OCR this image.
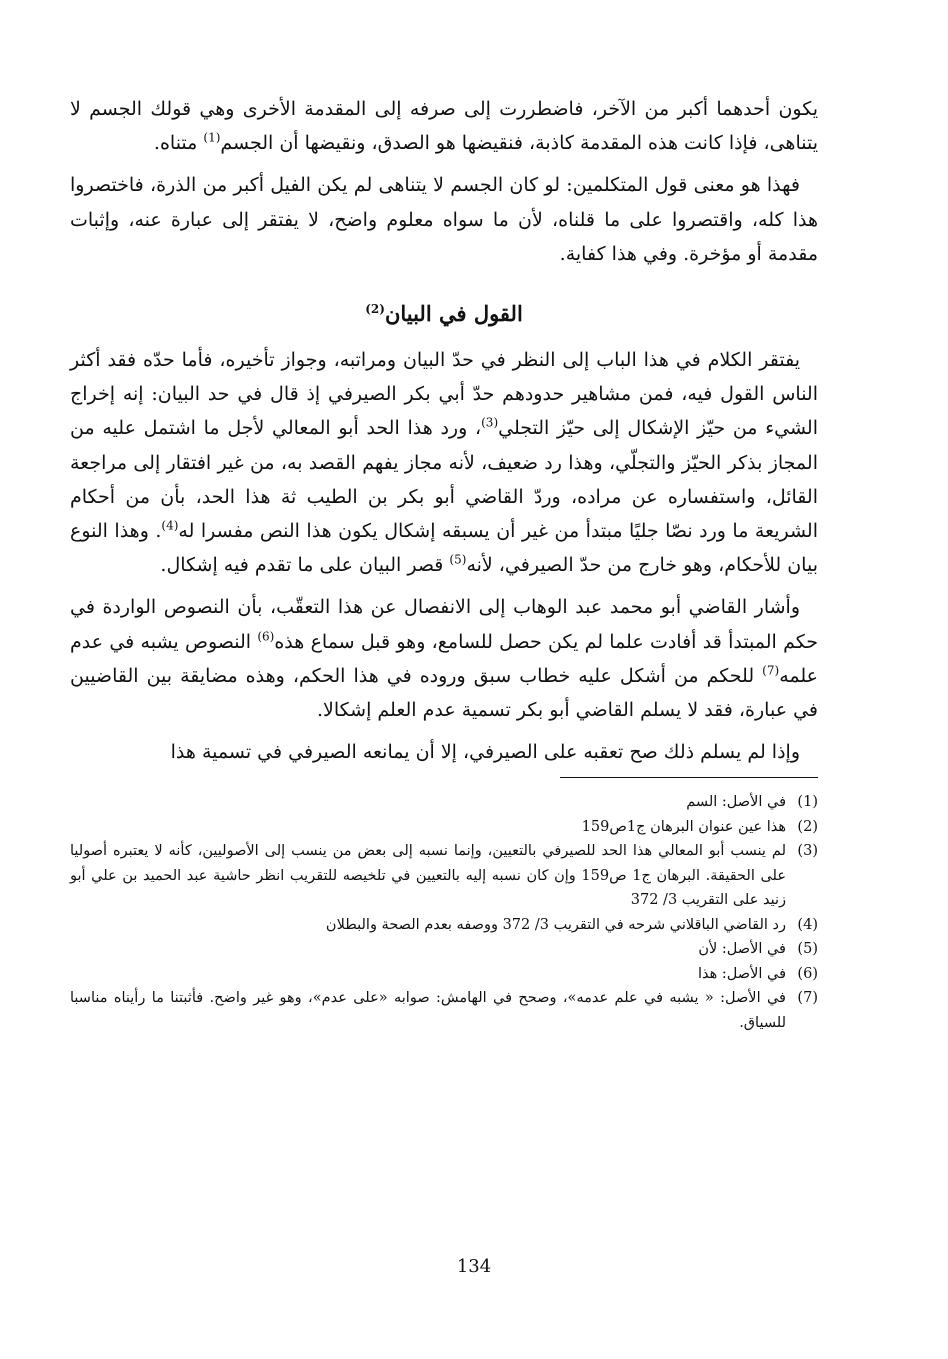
يكون أحدهما أكبر من الآخر، فاضطررت إلى صرفه إلى المقدمة الأخرى وهي قولك الجسم لا يتناهى، فإذا كانت هذه المقدمة كاذبة، فنقيضها هو الصدق، ونقيضها أن الجسم$^{(1)}$ متناه.

فهذا هو معنى قول المتكلمين: لو كان الجسم لا يتناهى لم يكن الفيل أكبر من الذرة، فاختصروا هذا كله، واقتصروا على ما قلناه، لأن ما سواه معلوم واضح، لا يفتقر إلى عبارة عنه، وإثبات مقدمة أو مؤخرة. وفي هذا كفاية.

القول في البيان$^{(2)}$

يفتقر الكلام في هذا الباب إلى النظر في حدّ البيان ومراتبه، وجواز تأخيره، فأما حدّه فقد أكثر الناس القول فيه، فمن مشاهير حدودهم حدّ أبي بكر الصيرفي إذ قال في حد البيان: إنه إخراج الشيء من حيّز الإشكال إلى حيّز التجلي$^{(3)}$، ورد هذا الحد أبو المعالي لأجل ما اشتمل عليه من المجاز بذكر الحيّز والتجلّي، وهذا رد ضعيف، لأنه مجاز يفهم القصد به، من غير افتقار إلى مراجعة القائل، واستفساره عن مراده، وردّ القاضي أبو بكر بن الطيب ثة هذا الحد، بأن من أحكام الشريعة ما ورد نصّا جليًا مبتدأ من غير أن يسبقه إشكال يكون هذا النص مفسرا له$^{(4)}$. وهذا النوع بيان للأحكام، وهو خارج من حدّ الصيرفي، لأنه$^{(5)}$ قصر البيان على ما تقدم فيه إشكال.

وأشار القاضي أبو محمد عبد الوهاب إلى الانفصال عن هذا التعقّب، بأن النصوص الواردة في حكم المبتدأ قد أفادت علما لم يكن حصل للسامع، وهو قبل سماع هذه$^{(6)}$ النصوص يشبه في عدم علمه$^{(7)}$ للحكم من أشكل عليه خطاب سبق وروده في هذا الحكم، وهذه مضايقة بين القاضيين في عبارة، فقد لا يسلم القاضي أبو بكر تسمية عدم العلم إشكالا.

وإذا لم يسلم ذلك صح تعقبه على الصيرفي، إلا أن يمانعه الصيرفي في تسمية هذا

(1)
في الأصل: السم
(2)
هذا عين عنوان البرهان ج1ص159
(3)
لم ينسب أبو المعالي هذا الحد للصيرفي بالتعيين، وإنما نسبه إلى بعض من ينسب إلى الأصوليين، كأنه لا يعتبره أصوليا على الحقيقة. البرهان ج1 ص159 وإن كان نسبه إليه بالتعيين في تلخيصه للتقريب انظر حاشية عبد الحميد بن علي أبو زنيد على التقريب 3/ 372
(4)
رد القاضي الباقلاني شرحه في التقريب 3/ 372 ووصفه بعدم الصحة والبطلان
(5)
في الأصل: لأن
(6)
في الأصل: هذا
(7)
في الأصل: « يشبه في علم عدمه»، وصحح في الهامش: صوابه «على عدم»، وهو غير واضح. فأثبتنا ما رأيناه مناسبا للسياق.
134
